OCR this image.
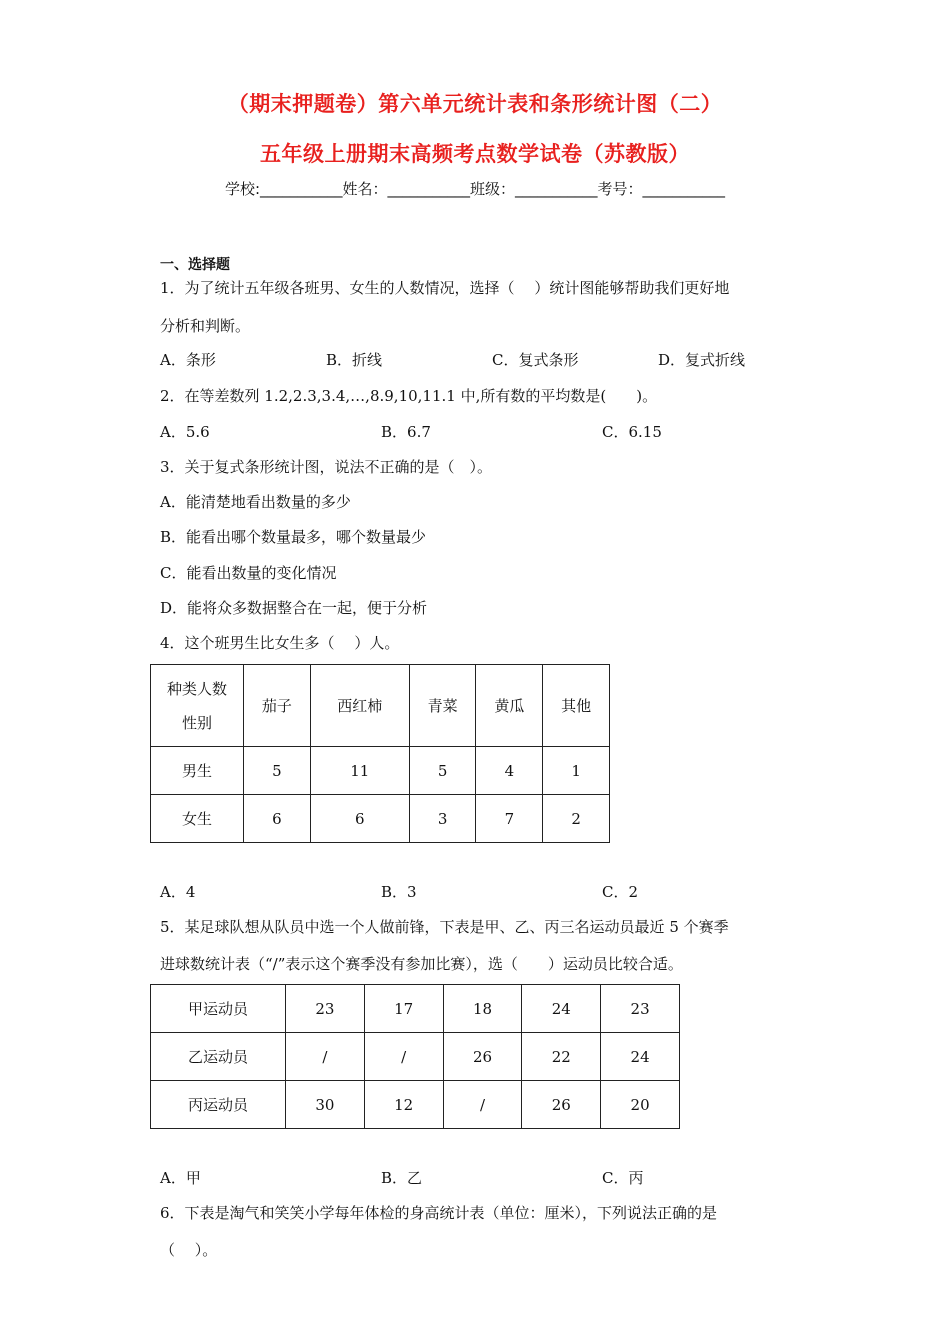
（期末押题卷）第六单元统计表和条形统计图（二）
五年级上册期末高频考点数学试卷（苏教版）
学校:___________姓名：___________班级：___________考号：___________
一、选择题
1．为了统计五年级各班男、女生的人数情况，选择（　 ）统计图能够帮助我们更好地
分析和判断。
A．条形	B．折线	C．复式条形	D．复式折线
2．在等差数列 1.2,2.3,3.4,…,8.9,10,11.1 中,所有数的平均数是(　　)。
A．5.6	B．6.7	C．6.15
3．关于复式条形统计图，说法不正确的是（　）。
A．能清楚地看出数量的多少
B．能看出哪个数量最多，哪个数量最少
C．能看出数量的变化情况
D．能将众多数据整合在一起，便于分析
4．这个班男生比女生多（　 ）人。
种类人数
性别	茄子	西红柿	青菜	黄瓜	其他
男生	5	11	5	4	1
女生	6	6	3	7	2
A．4	B．3	C．2
5．某足球队想从队员中选一个人做前锋，下表是甲、乙、丙三名运动员最近 5 个赛季
进球数统计表（“/”表示这个赛季没有参加比赛），选（　　）运动员比较合适。
甲运动员	23	17	18	24	23
乙运动员	/	/	26	22	24
丙运动员	30	12	/	26	20
A．甲	B．乙	C．丙
6．下表是淘气和笑笑小学每年体检的身高统计表（单位：厘米），下列说法正确的是
（　 ）。
